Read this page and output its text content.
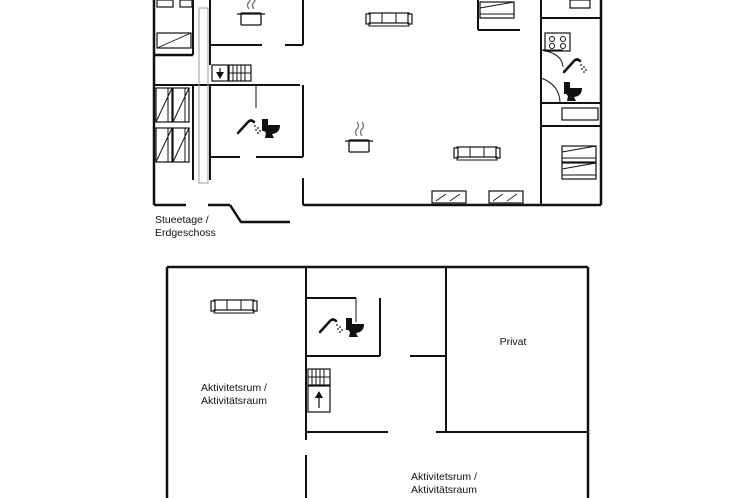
Stueetage /
Erdgeschoss
Aktivitetsrum /
Aktivitätsraum
Privat
Aktivitetsrum /
Aktivitätsraum
